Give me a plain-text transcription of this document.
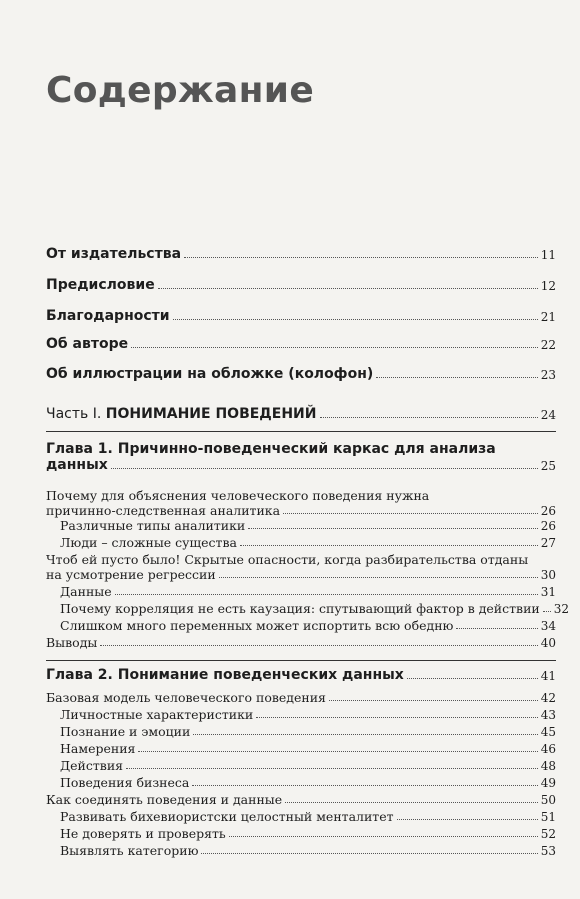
Содержание
От издательства	11
Предисловие	12
Благодарности	21
Об авторе	22
Об иллюстрации на обложке (колофон)	23
Часть I. ПОНИМАНИЕ ПОВЕДЕНИЙ	24
Глава 1. Причинно-поведенческий каркас для анализа
данных	25
Почему для объяснения человеческого поведения нужна
причинно-следственная аналитика	26
Различные типы аналитики	26
Люди – сложные существа	27
Чтоб ей пусто было! Скрытые опасности, когда разбирательства отданы
на усмотрение регрессии	30
Данные	31
Почему корреляция не есть каузация: спутывающий фактор в действии 32
Слишком много переменных может испортить всю обедню	34
Выводы	40
Глава 2. Понимание поведенческих данных	41
Базовая модель человеческого поведения	42
Личностные характеристики	43
Познание и эмоции	45
Намерения	46
Действия	48
Поведения бизнеса	49
Как соединять поведения и данные	50
Развивать бихевиористски целостный менталитет	51
Не доверять и проверять	52
Выявлять категорию	53
